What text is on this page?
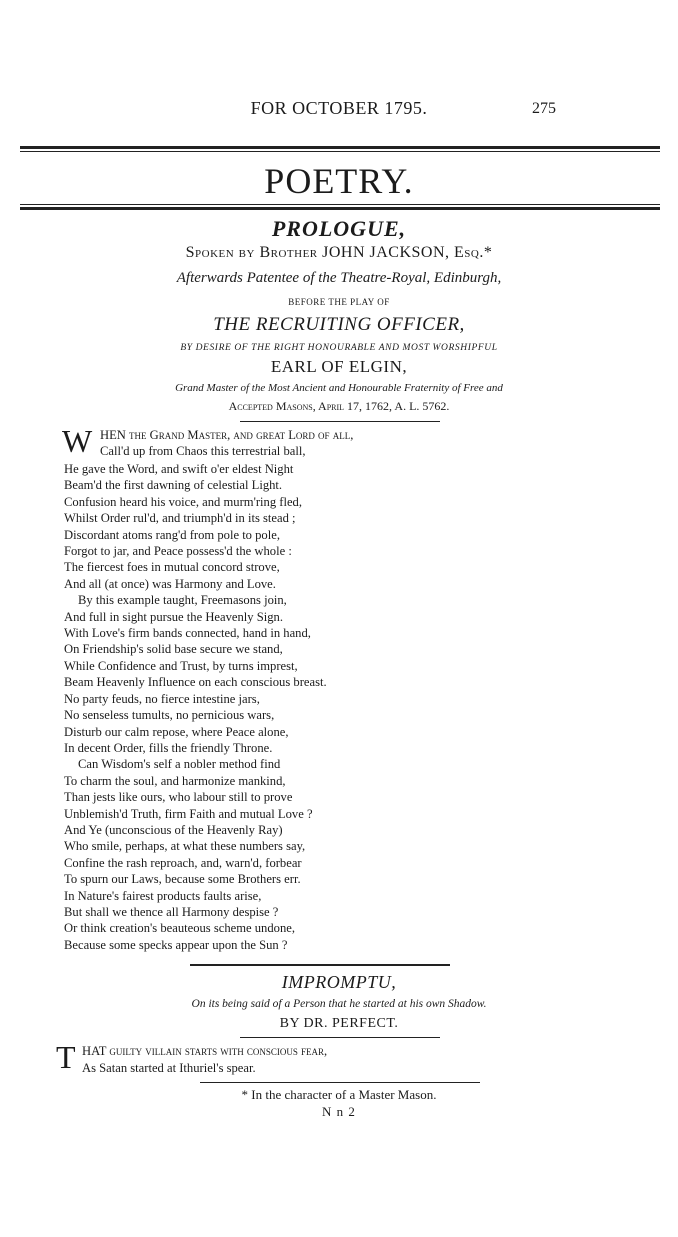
FOR OCTOBER 1795.	275
POETRY.
PROLOGUE,
Spoken by Brother JOHN JACKSON, Esq.*
Afterwards Patentee of the Theatre-Royal, Edinburgh,
BEFORE THE PLAY OF
THE RECRUITING OFFICER,
BY DESIRE OF THE RIGHT HONOURABLE AND MOST WORSHIPFUL
EARL OF ELGIN,
Grand Master of the Most Ancient and Honourable Fraternity of Free and
Accepted Masons, April 17, 1762, A. L. 5762.
W HEN the Grand Master, and great Lord of all,
Call'd up from Chaos this terrestrial ball,
He gave the Word, and swift o'er eldest Night
Beam'd the first dawning of celestial Light.
Confusion heard his voice, and murm'ring fled,
Whilst Order rul'd, and triumph'd in its stead ;
Discordant atoms rang'd from pole to pole,
Forgot to jar, and Peace possess'd the whole :
The fiercest foes in mutual concord strove,
And all (at once) was Harmony and Love.
By this example taught, Freemasons join,
And full in sight pursue the Heavenly Sign.
With Love's firm bands connected, hand in hand,
On Friendship's solid base secure we stand,
While Confidence and Trust, by turns imprest,
Beam Heavenly Influence on each conscious breast.
No party feuds, no fierce intestine jars,
No senseless tumults, no pernicious wars,
Disturb our calm repose, where Peace alone,
In decent Order, fills the friendly Throne.
Can Wisdom's self a nobler method find
To charm the soul, and harmonize mankind,
Than jests like ours, who labour still to prove
Unblemish'd Truth, firm Faith and mutual Love ?
And Ye (unconscious of the Heavenly Ray)
Who smile, perhaps, at what these numbers say,
Confine the rash reproach, and, warn'd, forbear
To spurn our Laws, because some Brothers err.
In Nature's fairest products faults arise,
But shall we thence all Harmony despise ?
Or think creation's beauteous scheme undone,
Because some specks appear upon the Sun ?
IMPROMPTU,
On its being said of a Person that he started at his own Shadow.
BY DR. PERFECT.
T HAT guilty villain starts with conscious fear,
As Satan started at Ithuriel's spear.
* In the character of a Master Mason.
N n 2
